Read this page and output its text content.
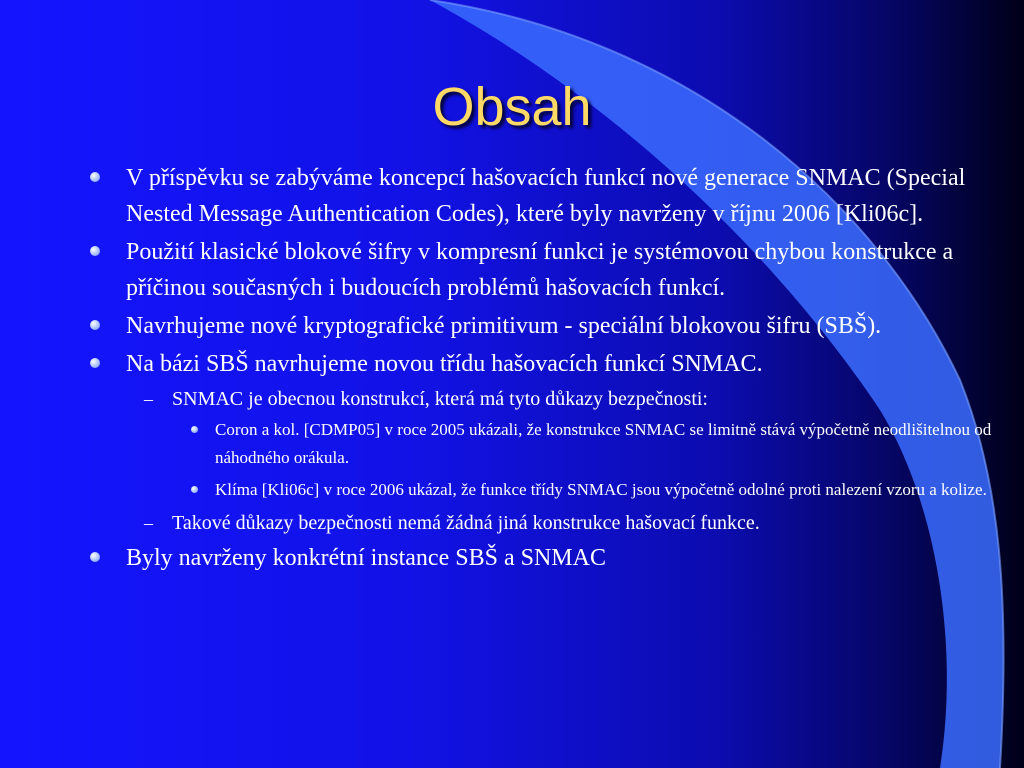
Obsah
V příspěvku se zabýváme koncepcí hašovacích funkcí nové generace SNMAC (Special Nested Message Authentication Codes), které byly navrženy v říjnu 2006 [Kli06c].
Použití klasické blokové šifry v kompresní funkci je systémovou chybou konstrukce a příčinou současných i budoucích problémů hašovacích funkcí.
Navrhujeme nové kryptografické primitivum - speciální blokovou šifru (SBŠ).
Na bázi SBŠ navrhujeme novou třídu hašovacích funkcí SNMAC.
– SNMAC je obecnou konstrukcí, která má tyto důkazy bezpečnosti:
Coron a kol. [CDMP05] v roce 2005 ukázali, že konstrukce SNMAC se limitně stává výpočetně neodlišitelnou od náhodného orákula.
Klíma [Kli06c] v roce 2006 ukázal, že funkce třídy SNMAC jsou výpočetně odolné proti nalezení vzoru a kolize.
– Takové důkazy bezpečnosti nemá žádná jiná konstrukce hašovací funkce.
Byly navrženy konkrétní instance SBŠ a SNMAC
